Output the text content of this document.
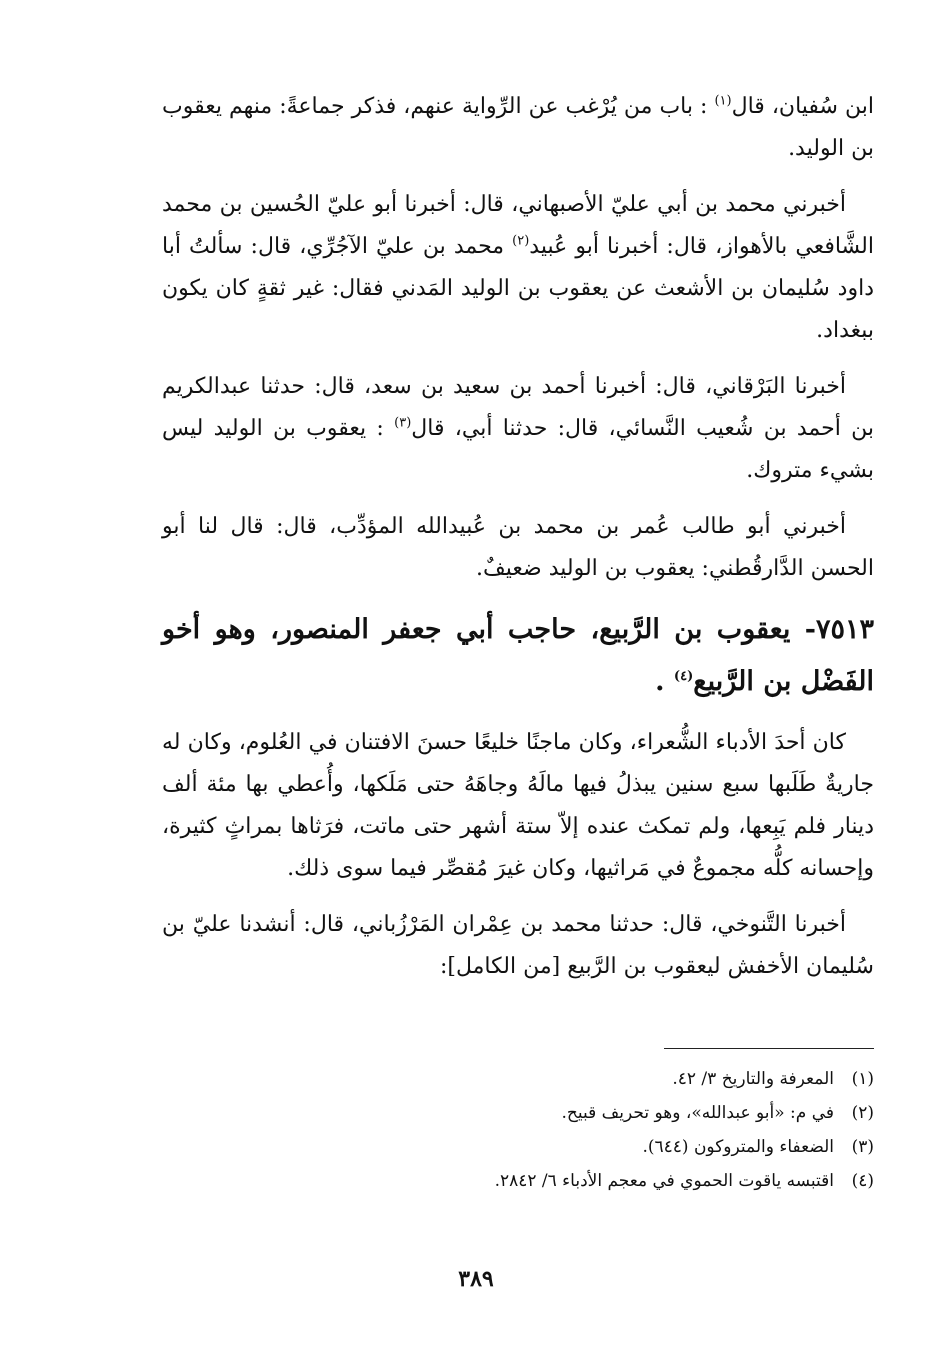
ابن سُفيان، قال$^{(١)}$ : باب من يُرْغب عن الرِّواية عنهم، فذكر جماعةً: منهم يعقوب بن الوليد.

أخبرني محمد بن أبي عليّ الأصبهاني، قال: أخبرنا أبو عليّ الحُسين بن محمد الشَّافعي بالأهواز، قال: أخبرنا أبو عُبيد$^{(٢)}$ محمد بن عليّ الآجُرِّي، قال: سألتُ أبا داود سُليمان بن الأشعث عن يعقوب بن الوليد المَدني فقال: غير ثقةٍ كان يكون ببغداد.

أخبرنا البَرْقاني، قال: أخبرنا أحمد بن سعيد بن سعد، قال: حدثنا عبدالكريم بن أحمد بن شُعيب النَّسائي، قال: حدثنا أبي، قال$^{(٣)}$ : يعقوب بن الوليد ليس بشيء متروك.

أخبرني أبو طالب عُمر بن محمد بن عُبيدالله المؤدِّب، قال: قال لنا أبو الحسن الدَّارقُطني: يعقوب بن الوليد ضعيفٌ.

٧٥١٣- يعقوب بن الرَّبيع، حاجب أبي جعفر المنصور، وهو أخو الفَضْل بن الرَّبيع$^{(٤)}$ .

كان أحدَ الأدباء الشُّعراء، وكان ماجنًا خليعًا حسنَ الافتنان في العُلوم، وكان له جاريةٌ طَلَبها سبع سنين يبذلُ فيها مالَهُ وجاهَهُ حتى مَلَكها، وأُعطي بها مئة ألف دينار فلم يَبِعها، ولم تمكث عنده إلاّ ستة أشهر حتى ماتت، فرَثاها بمراثٍ كثيرة، وإحسانه كلُّه مجموعٌ في مَراثيها، وكان غيرَ مُقصِّر فيما سوى ذلك.

أخبرنا التَّنوخي، قال: حدثنا محمد بن عِمْران المَرْزُباني، قال: أنشدنا عليّ بن سُليمان الأخفش ليعقوب بن الرَّبيع [من الكامل]:

(١)المعرفة والتاريخ ٣/ ٤٢.

(٢)في م: «أبو عبدالله»، وهو تحريف قبيح.

(٣)الضعفاء والمتروكون (٦٤٤).

(٤)اقتبسه ياقوت الحموي في معجم الأدباء ٦/ ٢٨٤٢.

٣٨٩
